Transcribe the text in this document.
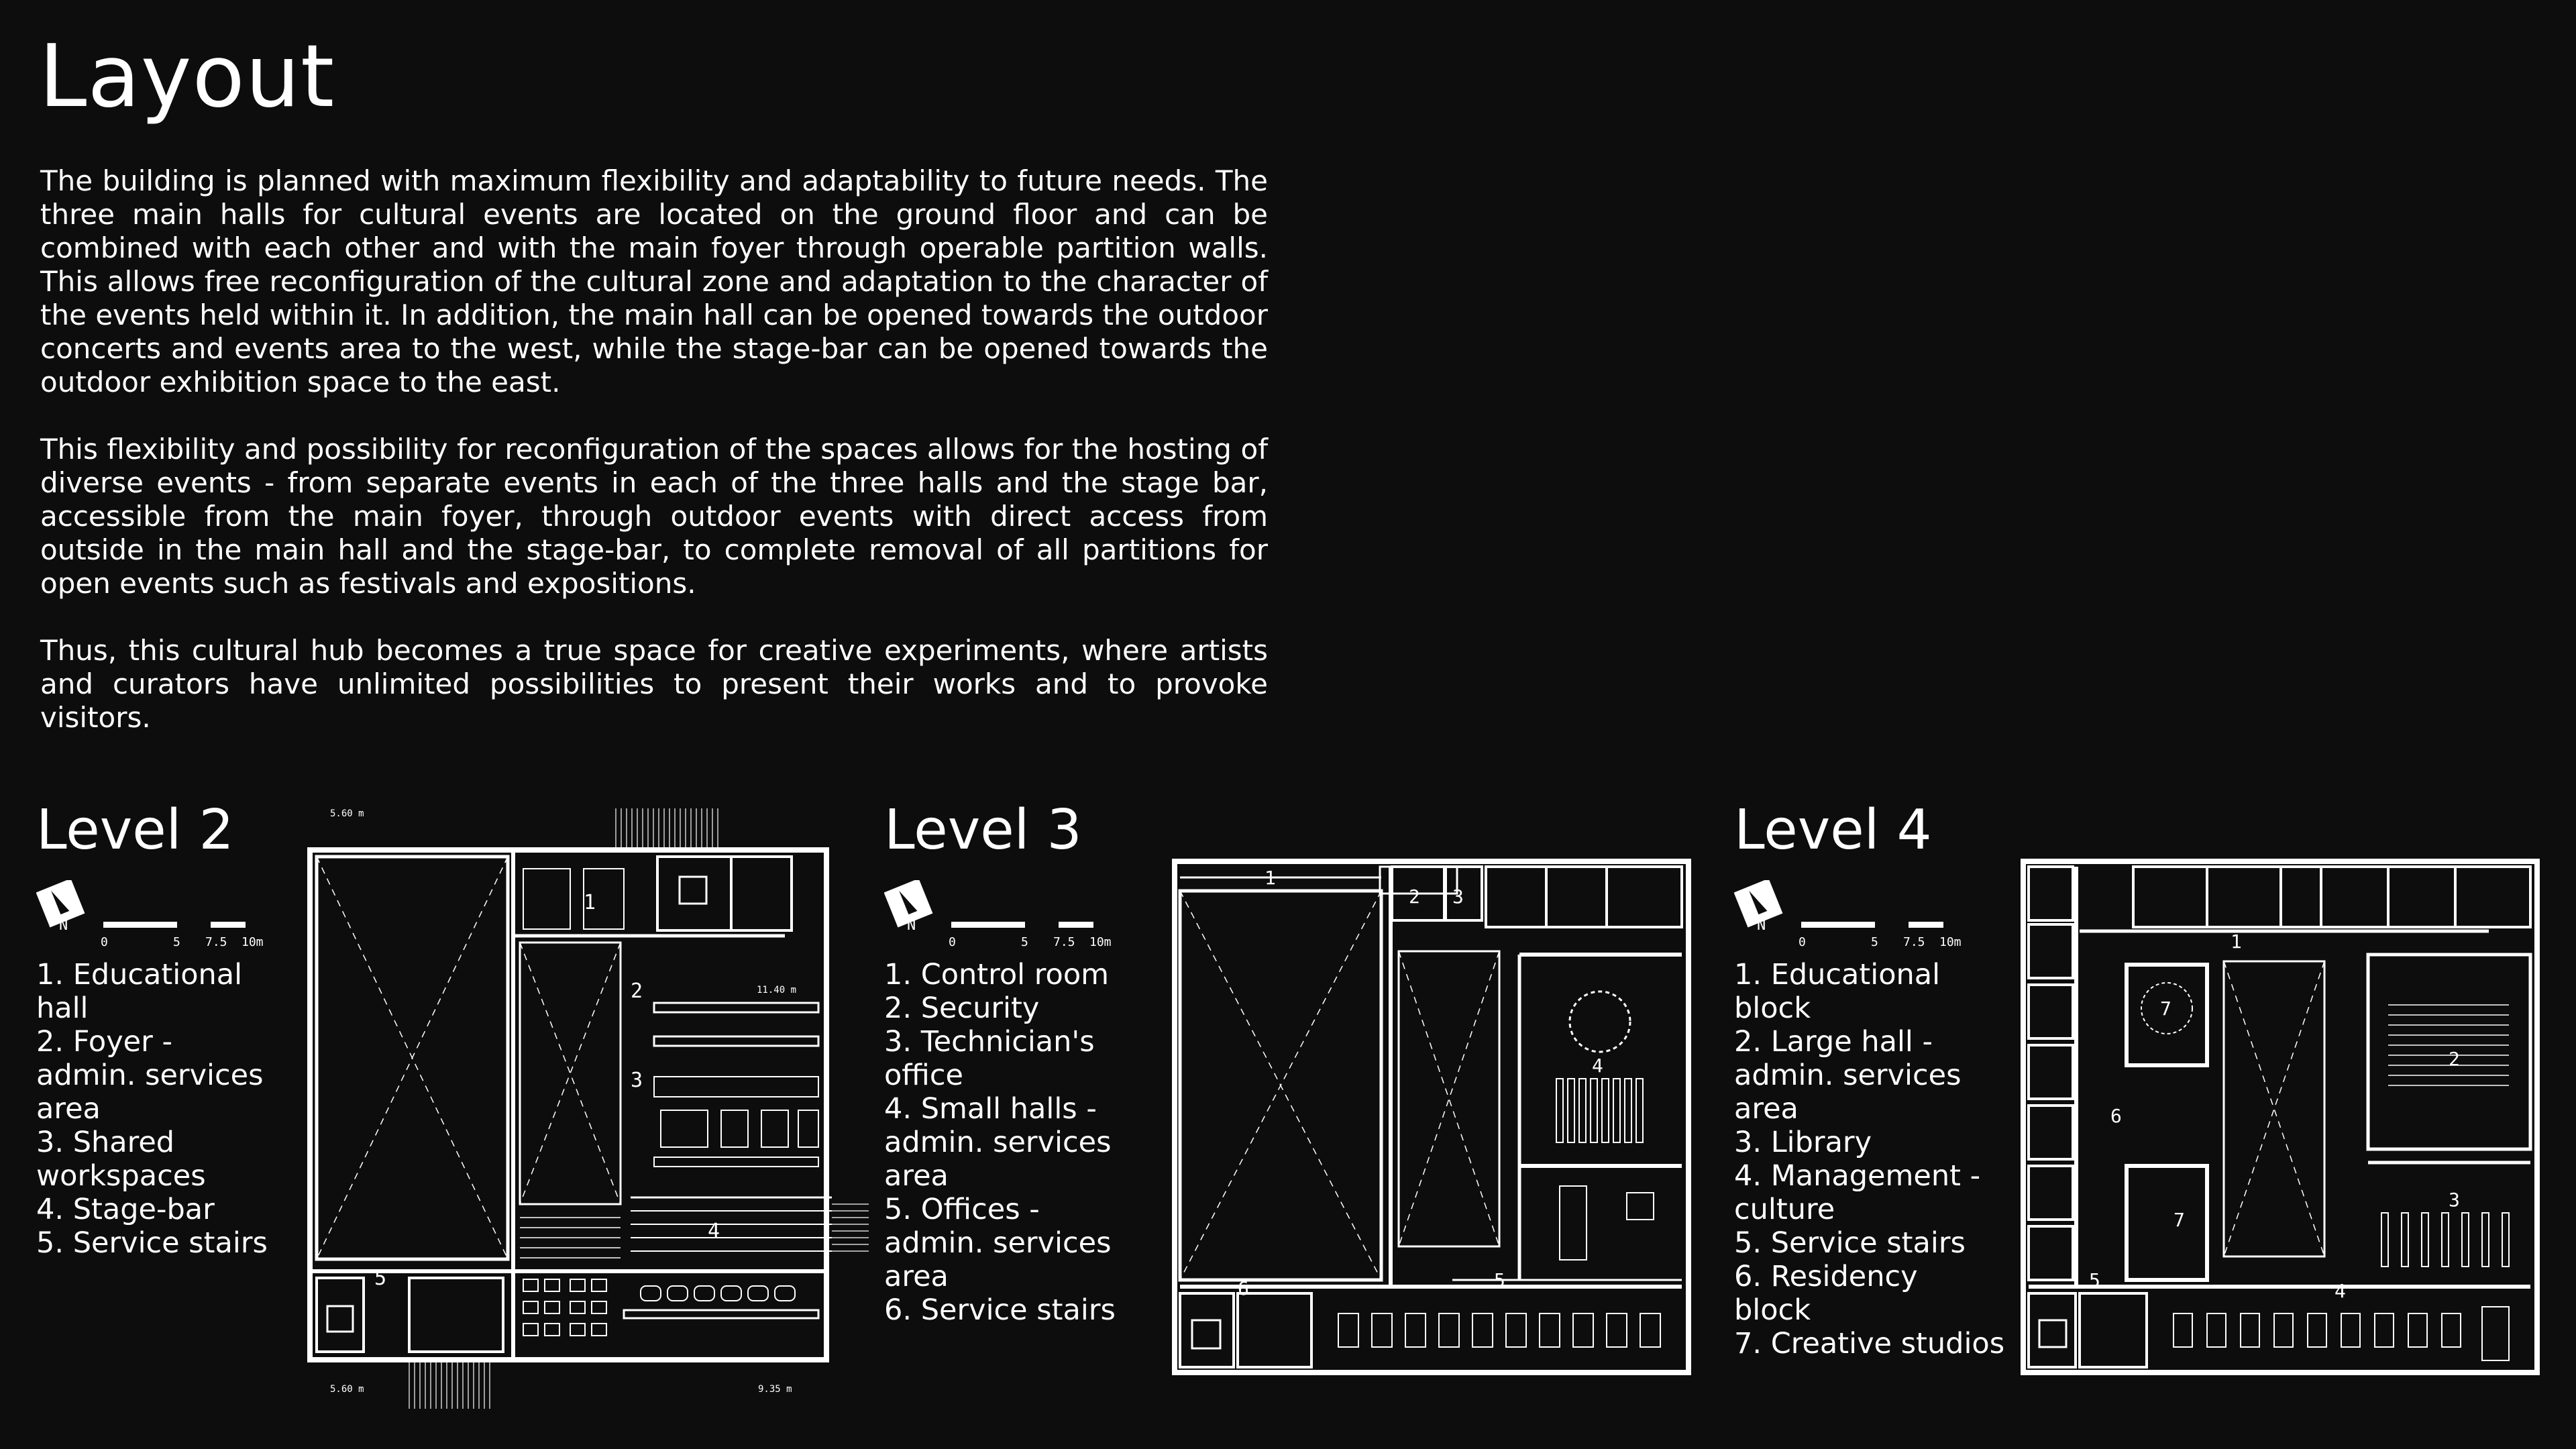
Layout

The building is planned with maximum flexibility and adaptability to future needs. The three main halls for cultural events are located on the ground floor and can be combined with each other and with the main foyer through operable partition walls. This allows free reconfiguration of the cultural zone and adaptation to the character of the events held within it. In addition, the main hall can be opened towards the outdoor concerts and events area to the west, while the stage-bar can be opened towards the outdoor exhibition space to the east.

This flexibility and possibility for reconfiguration of the spaces allows for the hosting of diverse events - from separate events in each of the three halls and the stage bar, accessible from the main foyer, through outdoor events with direct access from outside in the main hall and the stage-bar, to complete removal of all partitions for open events such as festivals and expositions.

Thus, this cultural hub becomes a true space for creative experiments, where artists and curators have unlimited possibilities to present their works and to provoke visitors.

Level 2
N
0	5 7.5 10m
1. Educational
hall
2. Foyer -
admin. services
area
3. Shared
workspaces
4. Stage-bar
5. Service stairs
1
2
3
4
5
5.60 m
11.40 m
5.60 m	9.35 m
Level 3
N
0	5 7.5 10m
1. Control room
2. Security
3. Technician's
office
4. Small halls -
admin. services
area
5. Offices -
admin. services
area
6. Service stairs
1
2 3
4
5
6
Level 4
N
0	5 7.5 10m
1. Educational
block
2. Large hall -
admin. services
area
3. Library
4. Management -
culture
5. Service stairs
6. Residency
block
7. Creative studios
1
2
3
4
5
6
7
7
